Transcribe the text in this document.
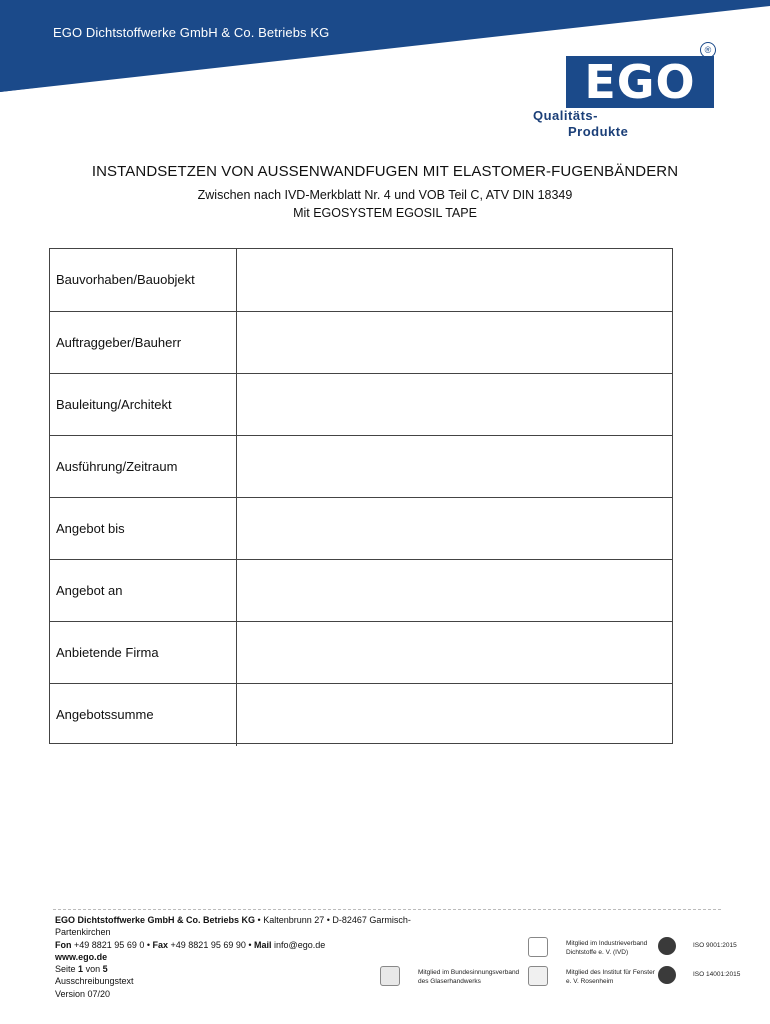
EGO Dichtstoffwerke GmbH & Co. Betriebs KG
EGO
®
Qualitäts-
Produkte
INSTANDSETZEN VON AUSSENWANDFUGEN MIT ELASTOMER-FUGENBÄNDERN
Zwischen nach IVD-Merkblatt Nr. 4 und VOB Teil C, ATV DIN 18349
Mit EGOSYSTEM EGOSIL TAPE
Bauvorhaben/Bauobjekt
Auftraggeber/Bauherr
Bauleitung/Architekt
Ausführung/Zeitraum
Angebot bis
Angebot an
Anbietende Firma
Angebotssumme
EGO Dichtstoffwerke GmbH & Co. Betriebs KG • Kaltenbrunn 27 • D-82467 Garmisch-Partenkirchen
Fon +49 8821 95 69 0 • Fax +49 8821 95 69 90 • Mail info@ego.de
www.ego.de
Seite 1 von 5
Ausschreibungstext
Version 07/20
Mitglied im Industrieverband Dichtstoffe e. V. (IVD)
Mitglied im Bundesinnungsverband des Glaserhandwerks
Mitglied des Institut für Fenster e. V. Rosenheim
ISO 9001:2015
ISO 14001:2015
